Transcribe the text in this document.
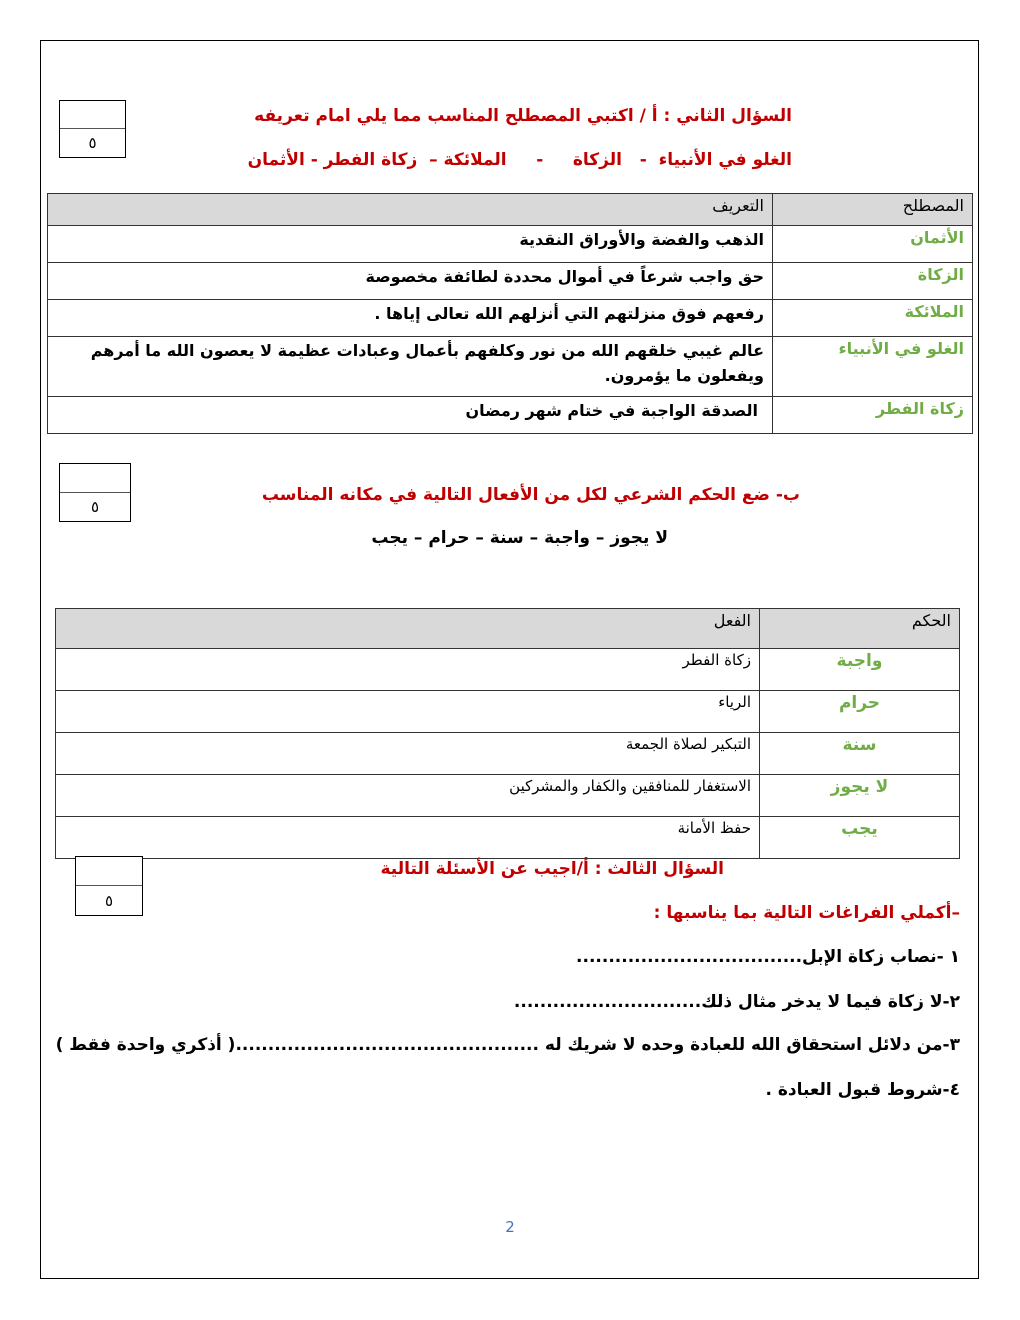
٥
السؤال الثاني : أ / اكتبي المصطلح المناسب مما يلي امام تعريفه
الغلو في الأنبياء  -   الزكاة     -     الملائكة –  زكاة الفطر - الأثمان
المصطلح	التعريف
الأثمان	الذهب والفضة والأوراق النقدية
الزكاة	حق واجب شرعاً في أموال محددة لطائفة مخصوصة
الملائكة	رفعهم فوق منزلتهم التي أنزلهم الله تعالى إياها .
الغلو في الأنبياء	عالم غيبي خلقهم الله من نور وكلفهم بأعمال وعبادات عظيمة لا يعصون الله ما أمرهم ويفعلون ما يؤمرون.
زكاة الفطر	الصدقة الواجبة في ختام شهر رمضان
٥
ب- ضع الحكم الشرعي لكل من الأفعال التالية في مكانه المناسب
لا يجوز – واجبة – سنة – حرام – يجب
الحكم	الفعل
واجبة	زكاة الفطر
حرام	الرياء
سنة	التبكير لصلاة الجمعة
لا يجوز	الاستغفار للمنافقين والكفار والمشركين
يجب	حفظ الأمانة
٥
السؤال الثالث : أ/اجيب عن الأسئلة التالية
–أكملي الفراغات التالية بما يناسبها :
١ -نصاب زكاة الإبل...................................
٢-لا زكاة فيما لا يدخر مثال ذلك.............................
٣-من دلائل استحقاق الله للعبادة وحده لا شريك له ...............................................( أذكري واحدة فقط )
٤-شروط قبول العبادة .
2
